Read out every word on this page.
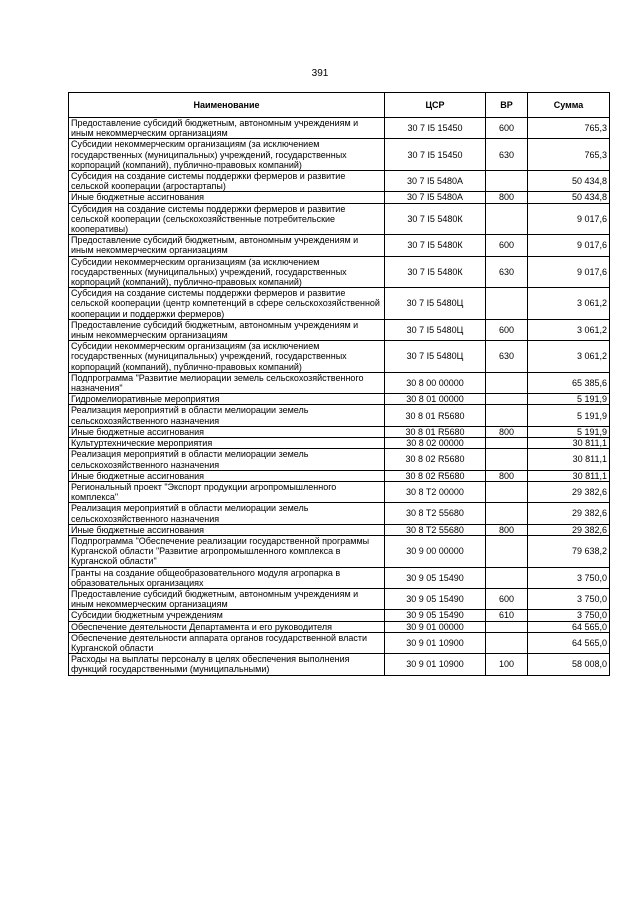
391
Наименование	ЦСР	ВР	Сумма
Предоставление субсидий бюджетным, автономным учреждениям и иным некоммерческим организациям	30 7 I5 15450	600	765,3
Субсидии некоммерческим организациям (за исключением государственных (муниципальных) учреждений, государственных корпораций (компаний), публично-правовых компаний)	30 7 I5 15450	630	765,3
Субсидия на создание системы поддержки фермеров и развитие сельской кооперации (агростартапы)	30 7 I5 5480А		50 434,8
Иные бюджетные ассигнования	30 7 I5 5480А	800	50 434,8
Субсидия на создание системы поддержки фермеров и развитие сельской кооперации (сельскохозяйственные потребительские кооперативы)	30 7 I5 5480К		9 017,6
Предоставление субсидий бюджетным, автономным учреждениям и иным некоммерческим организациям	30 7 I5 5480К	600	9 017,6
Субсидии некоммерческим организациям (за исключением государственных (муниципальных) учреждений, государственных корпораций (компаний), публично-правовых компаний)	30 7 I5 5480К	630	9 017,6
Субсидия на создание системы поддержки фермеров и развитие сельской кооперации (центр компетенций в сфере сельскохозяйственной кооперации и поддержки фермеров)	30 7 I5 5480Ц		3 061,2
Предоставление субсидий бюджетным, автономным учреждениям и иным некоммерческим организациям	30 7 I5 5480Ц	600	3 061,2
Субсидии некоммерческим организациям (за исключением государственных (муниципальных) учреждений, государственных корпораций (компаний), публично-правовых компаний)	30 7 I5 5480Ц	630	3 061,2
Подпрограмма "Развитие мелиорации земель сельскохозяйственного назначения"	30 8 00 00000		65 385,6
Гидромелиоративные мероприятия	30 8 01 00000		5 191,9
Реализация мероприятий в области мелиорации земель сельскохозяйственного назначения	30 8 01 R5680		5 191,9
Иные бюджетные ассигнования	30 8 01 R5680	800	5 191,9
Культуртехнические мероприятия	30 8 02 00000		30 811,1
Реализация мероприятий в области мелиорации земель сельскохозяйственного назначения	30 8 02 R5680		30 811,1
Иные бюджетные ассигнования	30 8 02 R5680	800	30 811,1
Региональный проект "Экспорт продукции агропромышленного комплекса"	30 8 T2 00000		29 382,6
Реализация мероприятий в области мелиорации земель сельскохозяйственного назначения	30 8 T2 55680		29 382,6
Иные бюджетные ассигнования	30 8 T2 55680	800	29 382,6
Подпрограмма "Обеспечение реализации государственной программы Курганской области "Развитие агропромышленного комплекса в Курганской области"	30 9 00 00000		79 638,2
Гранты на создание общеобразовательного модуля агропарка в образовательных организациях	30 9 05 15490		3 750,0
Предоставление субсидий бюджетным, автономным учреждениям и иным некоммерческим организациям	30 9 05 15490	600	3 750,0
Субсидии бюджетным учреждениям	30 9 05 15490	610	3 750,0
Обеспечение деятельности Департамента и его руководителя	30 9 01 00000		64 565,0
Обеспечение деятельности аппарата органов государственной власти Курганской области	30 9 01 10900		64 565,0
Расходы на выплаты персоналу в целях обеспечения выполнения функций государственными (муниципальными)	30 9 01 10900	100	58 008,0
